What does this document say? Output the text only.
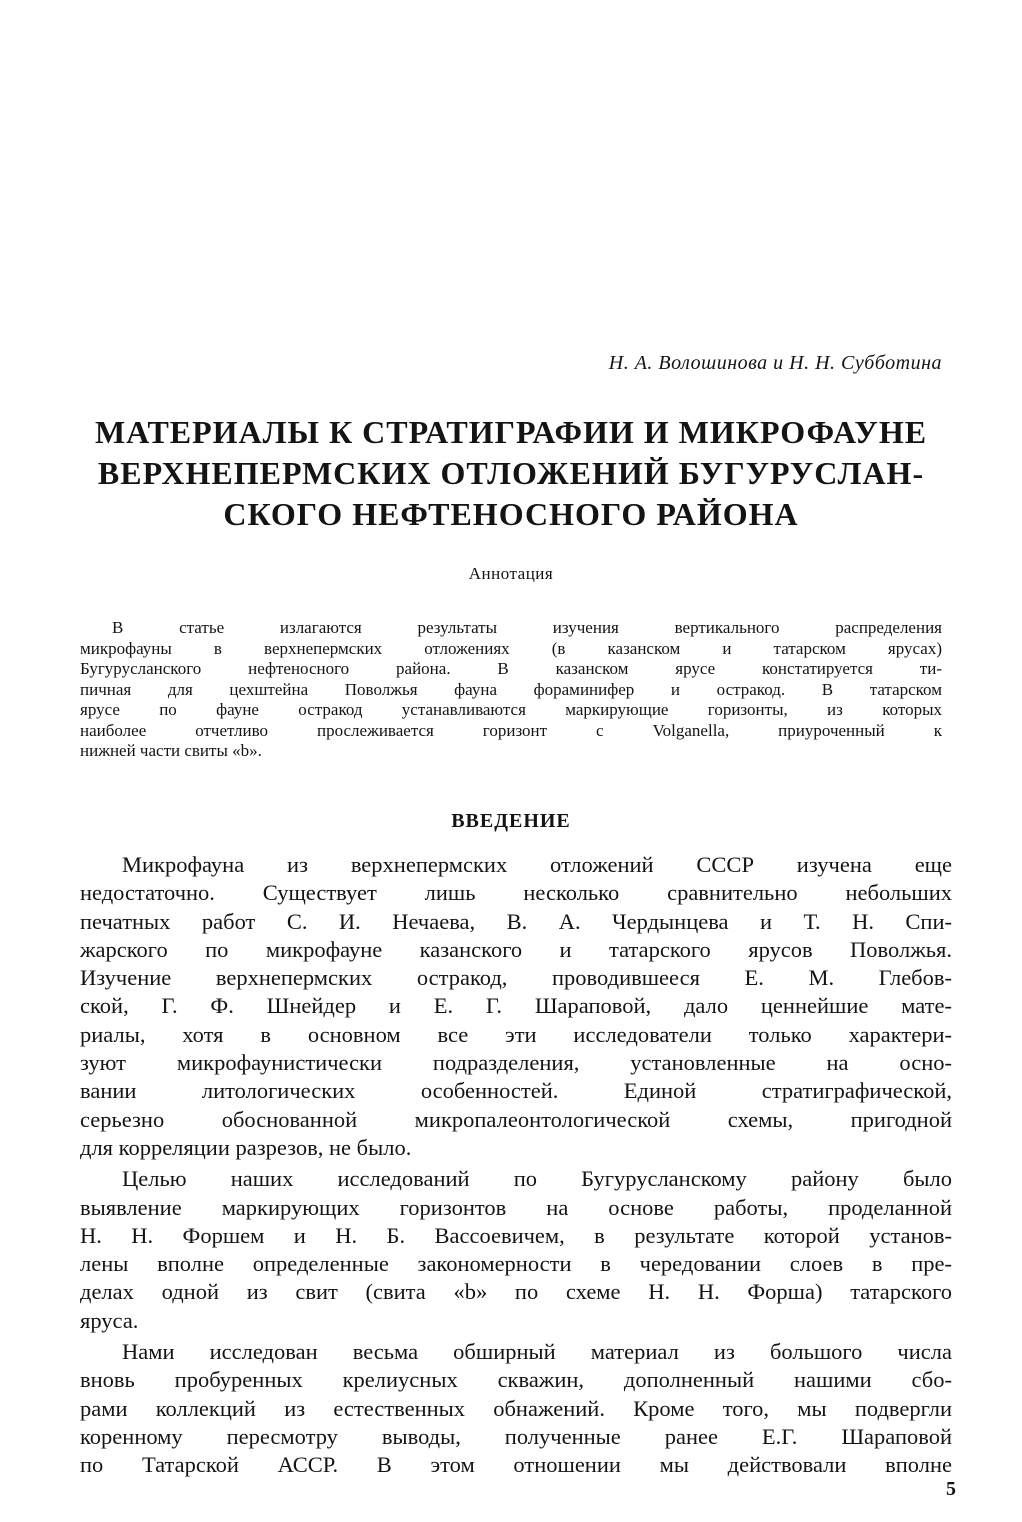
Н. А. Волошинова и Н. Н. Субботина
МАТЕРИАЛЫ К СТРАТИГРАФИИ И МИКРОФАУНЕ
ВЕРХНЕПЕРМСКИХ ОТЛОЖЕНИЙ БУГУРУСЛАН-
СКОГО НЕФТЕНОСНОГО РАЙОНА
Аннотация
В статье излагаются результаты изучения вертикального распределения
микрофауны в верхнепермских отложениях (в казанском и татарском ярусах)
Бугурусланского нефтеносного района. В казанском ярусе констатируется ти-
пичная для цехштейна Поволжья фауна фораминифер и остракод. В татарском
ярусе по фауне остракод устанавливаются маркирующие горизонты, из которых
наиболее отчетливо прослеживается горизонт с Volganella, приуроченный к
нижней части свиты «b».
ВВЕДЕНИЕ
Микрофауна из верхнепермских отложений СССР изучена еще
недостаточно. Существует лишь несколько сравнительно небольших
печатных работ С. И. Нечаева, В. А. Чердынцева и Т. Н. Спи-
жарского по микрофауне казанского и татарского ярусов Поволжья.
Изучение верхнепермских остракод, проводившееся Е. М. Глебов-
ской, Г. Ф. Шнейдер и Е. Г. Шараповой, дало ценнейшие мате-
риалы, хотя в основном все эти исследователи только характери-
зуют микрофаунистически подразделения, установленные на осно-
вании литологических особенностей. Единой стратиграфической,
серьезно обоснованной микропалеонтологической схемы, пригодной
для корреляции разрезов, не было.
Целью наших исследований по Бугурусланскому району было
выявление маркирующих горизонтов на основе работы, проделанной
Н. Н. Форшем и Н. Б. Вассоевичем, в результате которой установ-
лены вполне определенные закономерности в чередовании слоев в пре-
делах одной из свит (свита «b» по схеме Н. Н. Форша) татарского
яруса.
Нами исследован весьма обширный материал из большого числа
вновь пробуренных крелиусных скважин, дополненный нашими сбо-
рами коллекций из естественных обнажений. Кроме того, мы подвергли
коренному пересмотру выводы, полученные ранее Е.Г. Шараповой
по Татарской АССР. В этом отношении мы действовали вполне
5
